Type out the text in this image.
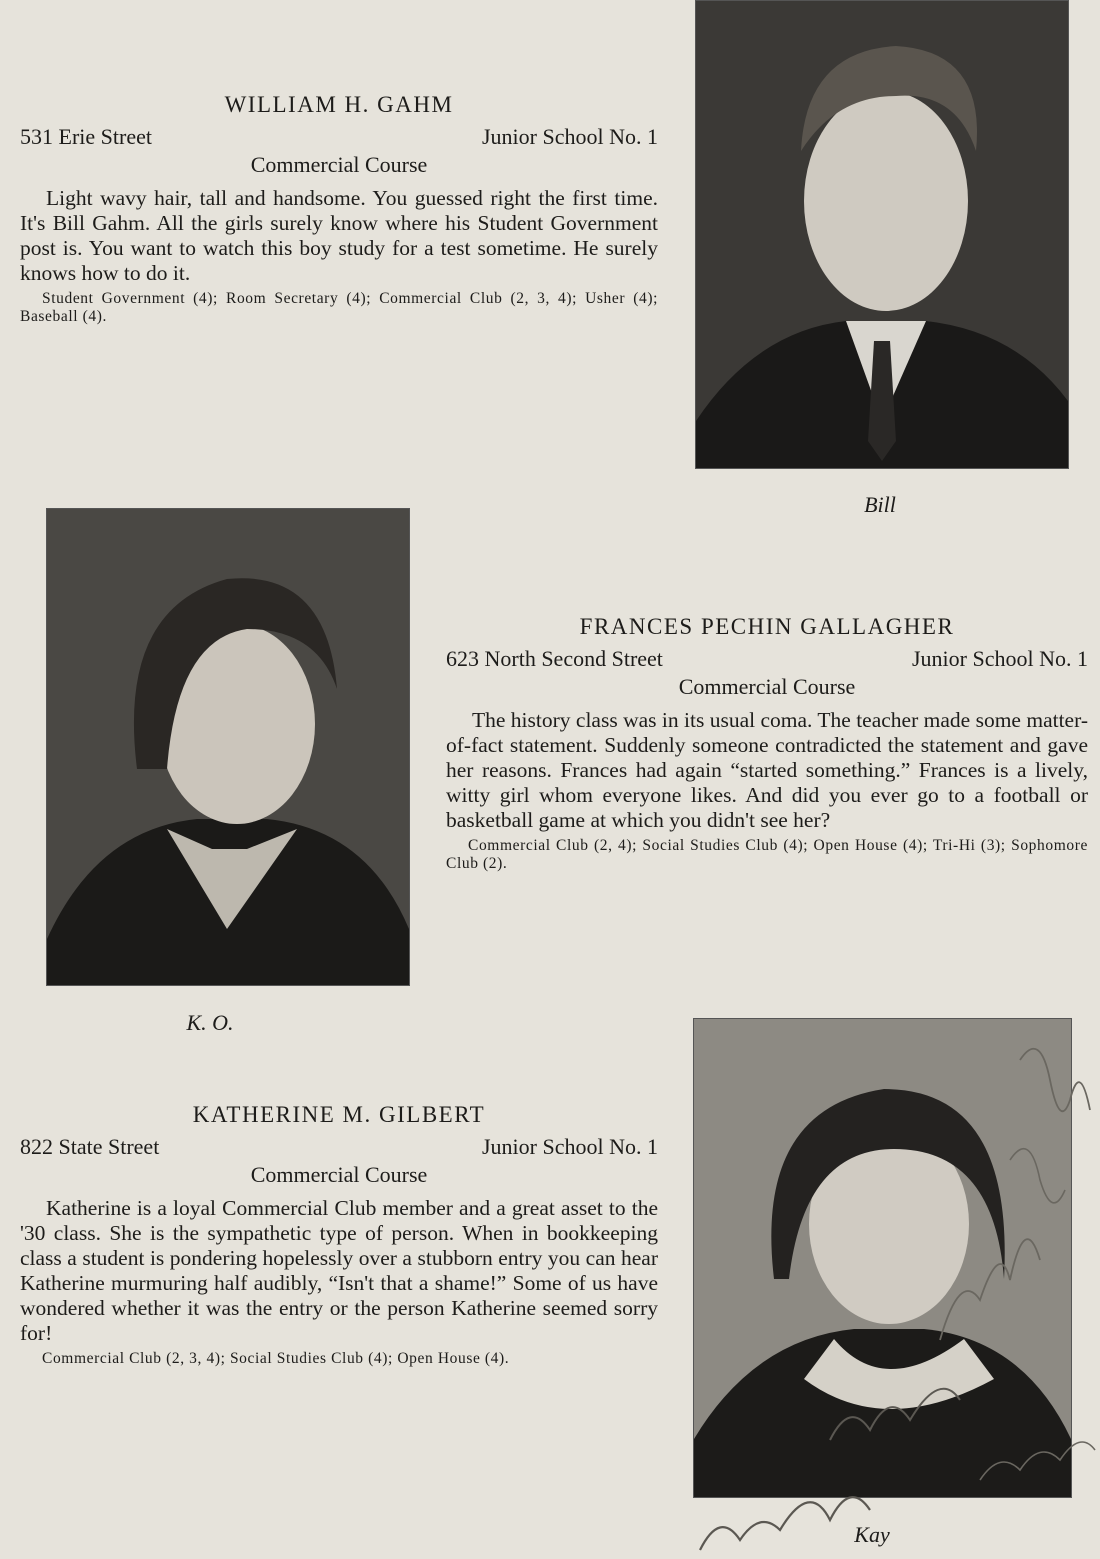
WILLIAM H. GAHM
531 Erie Street	Junior School No. 1
Commercial Course

Light wavy hair, tall and handsome. You guessed right the first time. It's Bill Gahm. All the girls surely know where his Student Government post is. You want to watch this boy study for a test sometime. He surely knows how to do it.

Student Government (4); Room Secretary (4); Commercial Club (2, 3, 4); Usher (4); Baseball (4).

Bill
K. O.
FRANCES PECHIN GALLAGHER
623 North Second Street	Junior School No. 1
Commercial Course

The history class was in its usual coma. The teacher made some matter-of-fact statement. Suddenly someone contradicted the statement and gave her reasons. Frances had again “started something.” Frances is a lively, witty girl whom everyone likes. And did you ever go to a football or basketball game at which you didn't see her?

Commercial Club (2, 4); Social Studies Club (4); Open House (4); Tri-Hi (3); Sophomore Club (2).

KATHERINE M. GILBERT
822 State Street	Junior School No. 1
Commercial Course

Katherine is a loyal Commercial Club member and a great asset to the '30 class. She is the sympathetic type of person. When in bookkeeping class a student is pondering hopelessly over a stubborn entry you can hear Katherine murmuring half audibly, “Isn't that a shame!” Some of us have wondered whether it was the entry or the person Katherine seemed sorry for!

Commercial Club (2, 3, 4); Social Studies Club (4); Open House (4).

Kay
